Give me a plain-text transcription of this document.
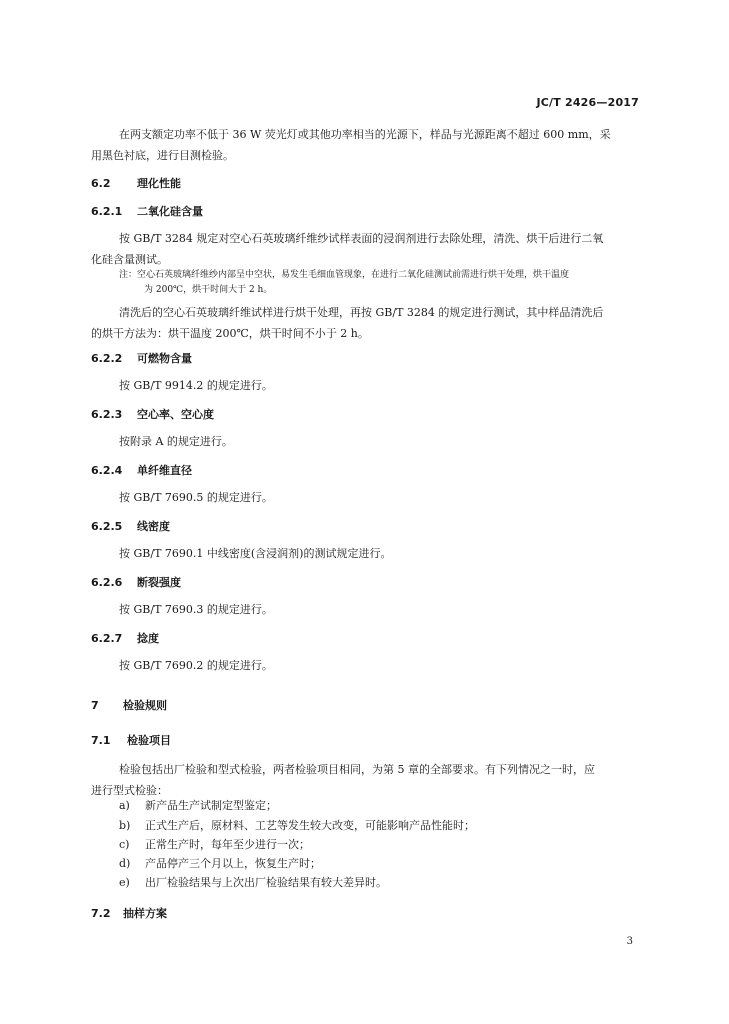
JC/T 2426—2017
在两支额定功率不低于 36 W 荧光灯或其他功率相当的光源下，样品与光源距离不超过 600 mm，采
用黑色衬底，进行目测检验。
6.2 理化性能
6.2.1 二氧化硅含量
按 GB/T 3284 规定对空心石英玻璃纤维纱试样表面的浸润剂进行去除处理，清洗、烘干后进行二氧
化硅含量测试。
注：空心石英玻璃纤维纱内部呈中空状，易发生毛细血管现象，在进行二氧化硅测试前需进行烘干处理，烘干温度
为 200℃，烘干时间大于 2 h。
清洗后的空心石英玻璃纤维试样进行烘干处理，再按 GB/T 3284 的规定进行测试，其中样品清洗后
的烘干方法为：烘干温度 200℃，烘干时间不小于 2 h。
6.2.2 可燃物含量
按 GB/T 9914.2 的规定进行。
6.2.3 空心率、空心度
按附录 A 的规定进行。
6.2.4 单纤维直径
按 GB/T 7690.5 的规定进行。
6.2.5 线密度
按 GB/T 7690.1 中线密度(含浸润剂)的测试规定进行。
6.2.6 断裂强度
按 GB/T 7690.3 的规定进行。
6.2.7 捻度
按 GB/T 7690.2 的规定进行。
7 检验规则
7.1 检验项目
检验包括出厂检验和型式检验，两者检验项目相同，为第 5 章的全部要求。有下列情况之一时，应
进行型式检验：
a) 新产品生产试制定型鉴定；
b) 正式生产后，原材料、工艺等发生较大改变，可能影响产品性能时；
c) 正常生产时，每年至少进行一次；
d) 产品停产三个月以上，恢复生产时；
e) 出厂检验结果与上次出厂检验结果有较大差异时。
7.2 抽样方案
3
